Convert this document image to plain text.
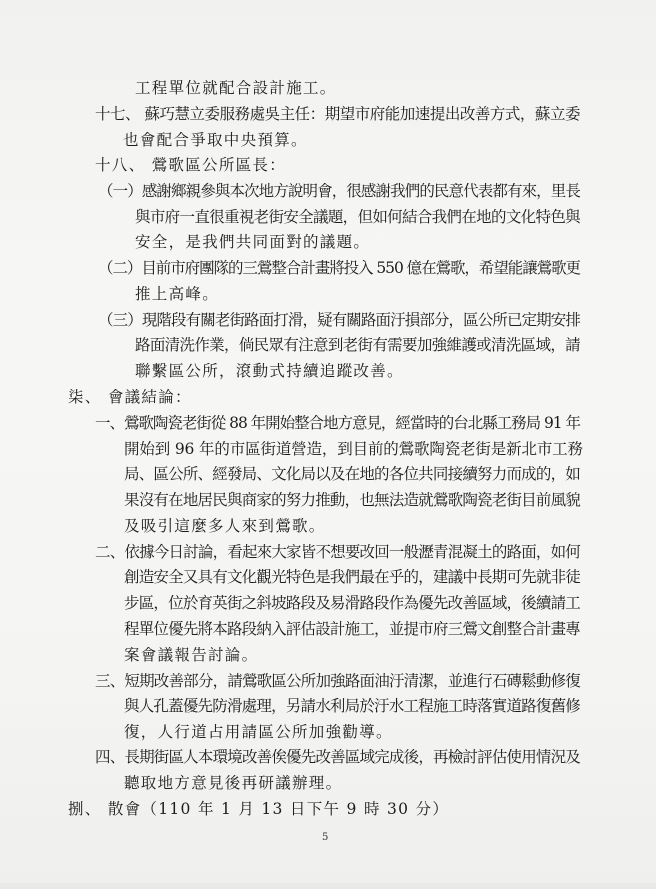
5
工程單位就配合設計施工。
十七、 蘇巧慧立委服務處吳主任：期望市府能加速提出改善方式，蘇立委
也會配合爭取中央預算。
十八、 鶯歌區公所區長：
（一）感謝鄉親參與本次地方說明會，很感謝我們的民意代表都有來，里長
與市府一直很重視老街安全議題，但如何結合我們在地的文化特色與
安全，是我們共同面對的議題。
（二）目前市府團隊的三鶯整合計畫將投入 550 億在鶯歌，希望能讓鶯歌更
推上高峰。
（三）現階段有關老街路面打滑，疑有關路面汙損部分，區公所已定期安排
路面清洗作業，倘民眾有注意到老街有需要加強維護或清洗區域，請
聯繫區公所，滾動式持續追蹤改善。
柒、 會議結論：
一、鶯歌陶瓷老街從 88 年開始整合地方意見，經當時的台北縣工務局 91 年
開始到 96 年的市區街道營造，到目前的鶯歌陶瓷老街是新北市工務
局、區公所、經發局、文化局以及在地的各位共同接續努力而成的，如
果沒有在地居民與商家的努力推動，也無法造就鶯歌陶瓷老街目前風貌
及吸引這麼多人來到鶯歌。
二、依據今日討論，看起來大家皆不想要改回一般瀝青混凝土的路面，如何
創造安全又具有文化觀光特色是我們最在乎的，建議中長期可先就非徒
步區，位於育英街之斜坡路段及易滑路段作為優先改善區域，後續請工
程單位優先將本路段納入評估設計施工，並提市府三鶯文創整合計畫專
案會議報告討論。
三、短期改善部分，請鶯歌區公所加強路面油汙清潔，並進行石磚鬆動修復
與人孔蓋優先防滑處理，另請水利局於汙水工程施工時落實道路復舊修
復，人行道占用請區公所加強勸導。
四、長期街區人本環境改善俟優先改善區域完成後，再檢討評估使用情況及
聽取地方意見後再研議辦理。
捌、 散會（110 年 1 月 13 日下午 9 時 30 分）
